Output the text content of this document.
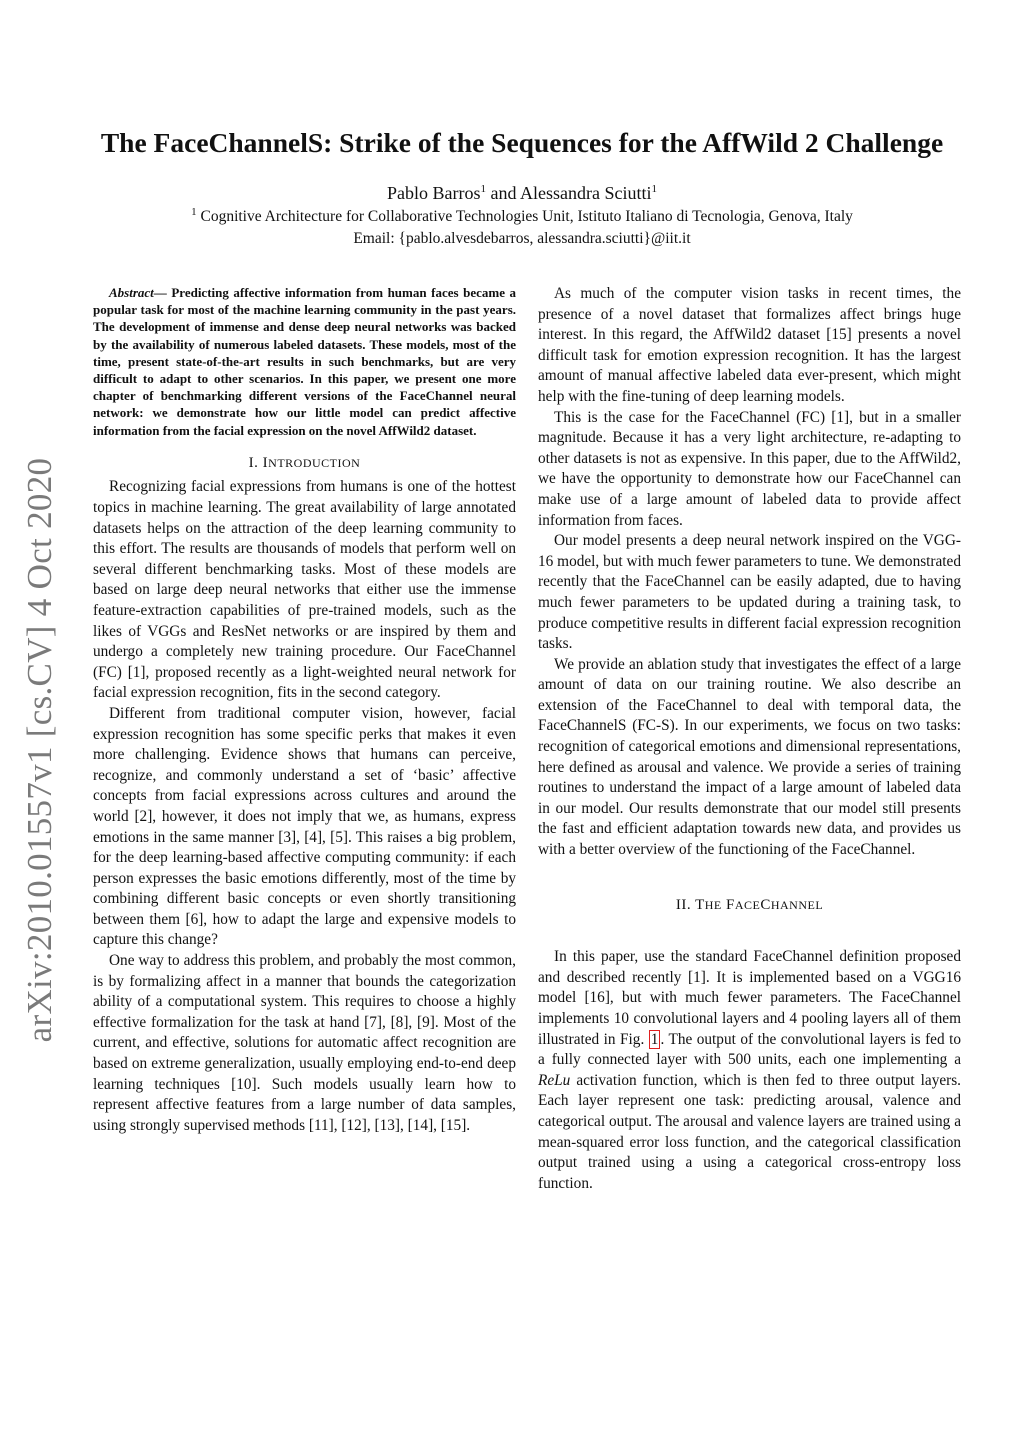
arXiv:2010.01557v1 [cs.CV] 4 Oct 2020
The FaceChannelS: Strike of the Sequences for the AffWild 2 Challenge
Pablo Barros$^1$ and Alessandra Sciutti$^1$
$^1$ Cognitive Architecture for Collaborative Technologies Unit, Istituto Italiano di Tecnologia, Genova, Italy
Email: {pablo.alvesdebarros, alessandra.sciutti}@iit.it
Abstract— Predicting affective information from human faces became a popular task for most of the machine learning community in the past years. The development of immense and dense deep neural networks was backed by the availability of numerous labeled datasets. These models, most of the time, present state-of-the-art results in such benchmarks, but are very difficult to adapt to other scenarios. In this paper, we present one more chapter of benchmarking different versions of the FaceChannel neural network: we demonstrate how our little model can predict affective information from the facial expression on the novel AffWild2 dataset.
I. INTRODUCTION

Recognizing facial expressions from humans is one of the hottest topics in machine learning. The great availability of large annotated datasets helps on the attraction of the deep learning community to this effort. The results are thousands of models that perform well on several different benchmarking tasks. Most of these models are based on large deep neural networks that either use the immense feature-extraction capabilities of pre-trained models, such as the likes of VGGs and ResNet networks or are inspired by them and undergo a completely new training procedure. Our FaceChannel (FC) [1], proposed recently as a light-weighted neural network for facial expression recognition, fits in the second category.

Different from traditional computer vision, however, facial expression recognition has some specific perks that makes it even more challenging. Evidence shows that humans can perceive, recognize, and commonly understand a set of ‘basic’ affective concepts from facial expressions across cultures and around the world [2], however, it does not imply that we, as humans, express emotions in the same manner [3], [4], [5]. This raises a big problem, for the deep learning-based affective computing community: if each person expresses the basic emotions differently, most of the time by combining different basic concepts or even shortly transitioning between them [6], how to adapt the large and expensive models to capture this change?

One way to address this problem, and probably the most common, is by formalizing affect in a manner that bounds the categorization ability of a computational system. This requires to choose a highly effective formalization for the task at hand [7], [8], [9]. Most of the current, and effective, solutions for automatic affect recognition are based on extreme generalization, usually employing end-to-end deep learning techniques [10]. Such models usually learn how to represent affective features from a large number of data samples, using strongly supervised methods [11], [12], [13], [14], [15].

As much of the computer vision tasks in recent times, the presence of a novel dataset that formalizes affect brings huge interest. In this regard, the AffWild2 dataset [15] presents a novel difficult task for emotion expression recognition. It has the largest amount of manual affective labeled data ever-present, which might help with the fine-tuning of deep learning models.

This is the case for the FaceChannel (FC) [1], but in a smaller magnitude. Because it has a very light architecture, re-adapting to other datasets is not as expensive. In this paper, due to the AffWild2, we have the opportunity to demonstrate how our FaceChannel can make use of a large amount of labeled data to provide affect information from faces.

Our model presents a deep neural network inspired on the VGG-16 model, but with much fewer parameters to tune. We demonstrated recently that the FaceChannel can be easily adapted, due to having much fewer parameters to be updated during a training task, to produce competitive results in different facial expression recognition tasks.

We provide an ablation study that investigates the effect of a large amount of data on our training routine. We also describe an extension of the FaceChannel to deal with temporal data, the FaceChannelS (FC-S). In our experiments, we focus on two tasks: recognition of categorical emotions and dimensional representations, here defined as arousal and valence. We provide a series of training routines to understand the impact of a large amount of labeled data in our model. Our results demonstrate that our model still presents the fast and efficient adaptation towards new data, and provides us with a better overview of the functioning of the FaceChannel.

II. THE FACECHANNEL

In this paper, use the standard FaceChannel definition proposed and described recently [1]. It is implemented based on a VGG16 model [16], but with much fewer parameters. The FaceChannel implements 10 convolutional layers and 4 pooling layers all of them illustrated in Fig. 1 . The output of the convolutional layers is fed to a fully connected layer with 500 units, each one implementing a ReLu activation function, which is then fed to three output layers. Each layer represent one task: predicting arousal, valence and categorical output. The arousal and valence layers are trained using a mean-squared error loss function, and the categorical classification output trained using a using a categorical cross-entropy loss function.
